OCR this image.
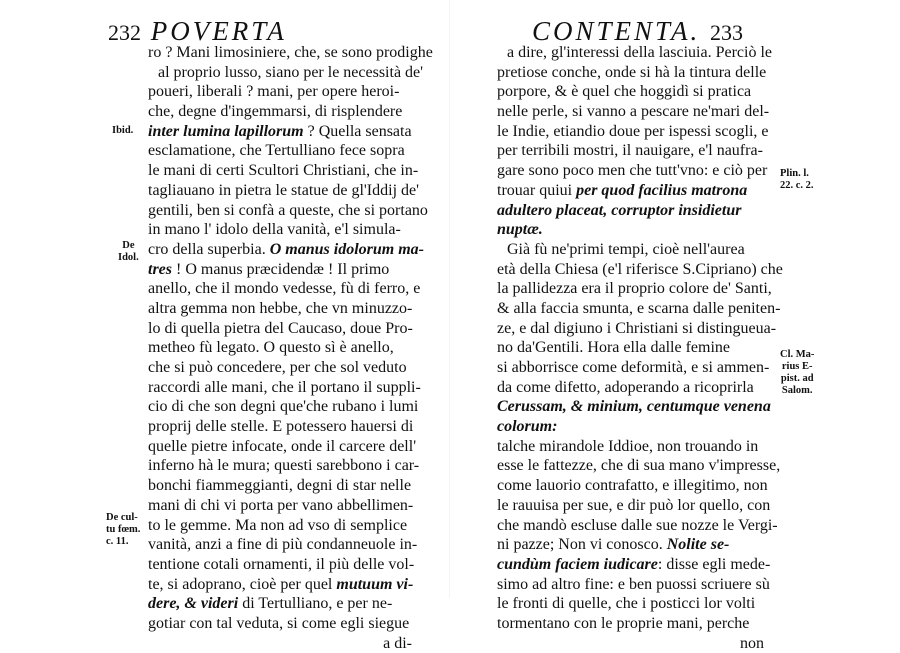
232 POVERTA
ro ? Mani limosiniere, che, se sono prodighe
al proprio lusso, siano per le necessità de'
poueri, liberali ? mani, per opere heroi-
che, degne d'ingemmarsi, di risplendere
inter lumina lapillorum ? Quella sensata
esclamatione, che Tertulliano fece sopra
le mani di certi Scultori Christiani, che in-
tagliauano in pietra le statue de gl'Iddij de'
gentili, ben si confà a queste, che si portano
in mano l' idolo della vanità, e'l simula-
cro della superbia. O manus idolorum ma-
tres ! O manus præcidendæ ! Il primo
anello, che il mondo vedesse, fù di ferro, e
altra gemma non hebbe, che vn minuzzo-
lo di quella pietra del Caucaso, doue Pro-
metheo fù legato. O questo sì è anello,
che si può concedere, per che sol veduto
raccordi alle mani, che il portano il suppli-
cio di che son degni que'che rubano i lumi
proprij delle stelle. E potessero hauersi di
quelle pietre infocate, onde il carcere dell'
inferno hà le mura; questi sarebbono i car-
bonchi fiammeggianti, degni di star nelle
mani di chi vi porta per vano abbellimen-
to le gemme. Ma non ad vso di semplice
vanità, anzi a fine di più condanneuole in-
tentione cotali ornamenti, il più delle vol-
te, si adoprano, cioè per quel mutuum vi-
dere, & videri di Tertulliano, e per ne-
gotiar con tal veduta, si come egli siegue
a di-
Ibid.
De
Idol.
De cul-
tu fœm.
c. 11.
CONTENTA. 233
a dire, gl'interessi della lasciuia. Perciò le
pretiose conche, onde si hà la tintura delle
porpore, & è quel che hoggidì si pratica
nelle perle, si vanno a pescare ne'mari del-
le Indie, etiandio doue per ispessi scogli, e
per terribili mostri, il nauigare, e'l naufra-
gare sono poco men che tutt'vno: e ciò per
trouar quiui per quod facilius matrona
adultero placeat, corruptor insidietur
nuptæ.
Già fù ne'primi tempi, cioè nell'aurea
età della Chiesa (e'l riferisce S.Cipriano) che
la pallidezza era il proprio colore de' Santi,
& alla faccia smunta, e scarna dalle peniten-
ze, e dal digiuno i Christiani si distingueua-
no da'Gentili. Hora ella dalle femine
si abborrisce come deformità, e si ammen-
da come difetto, adoperando a ricoprirla
Cerussam, & minium, centumque venena
colorum:
talche mirandole Iddioe, non trouando in
esse le fattezze, che di sua mano v'impresse,
come lauorio contrafatto, e illegitimo, non
le rauuisa per sue, e dir può lor quello, con
che mandò escluse dalle sue nozze le Vergi-
ni pazze; Non vi conosco. Nolite se-
cundùm faciem iudicare: disse egli mede-
simo ad altro fine: e ben puossi scriuere sù
le fronti di quelle, che i posticci lor volti
tormentano con le proprie mani, perche
non
Plin. l.
22. c. 2.
Cl. Ma-
rius E-
pist. ad
Salom.
